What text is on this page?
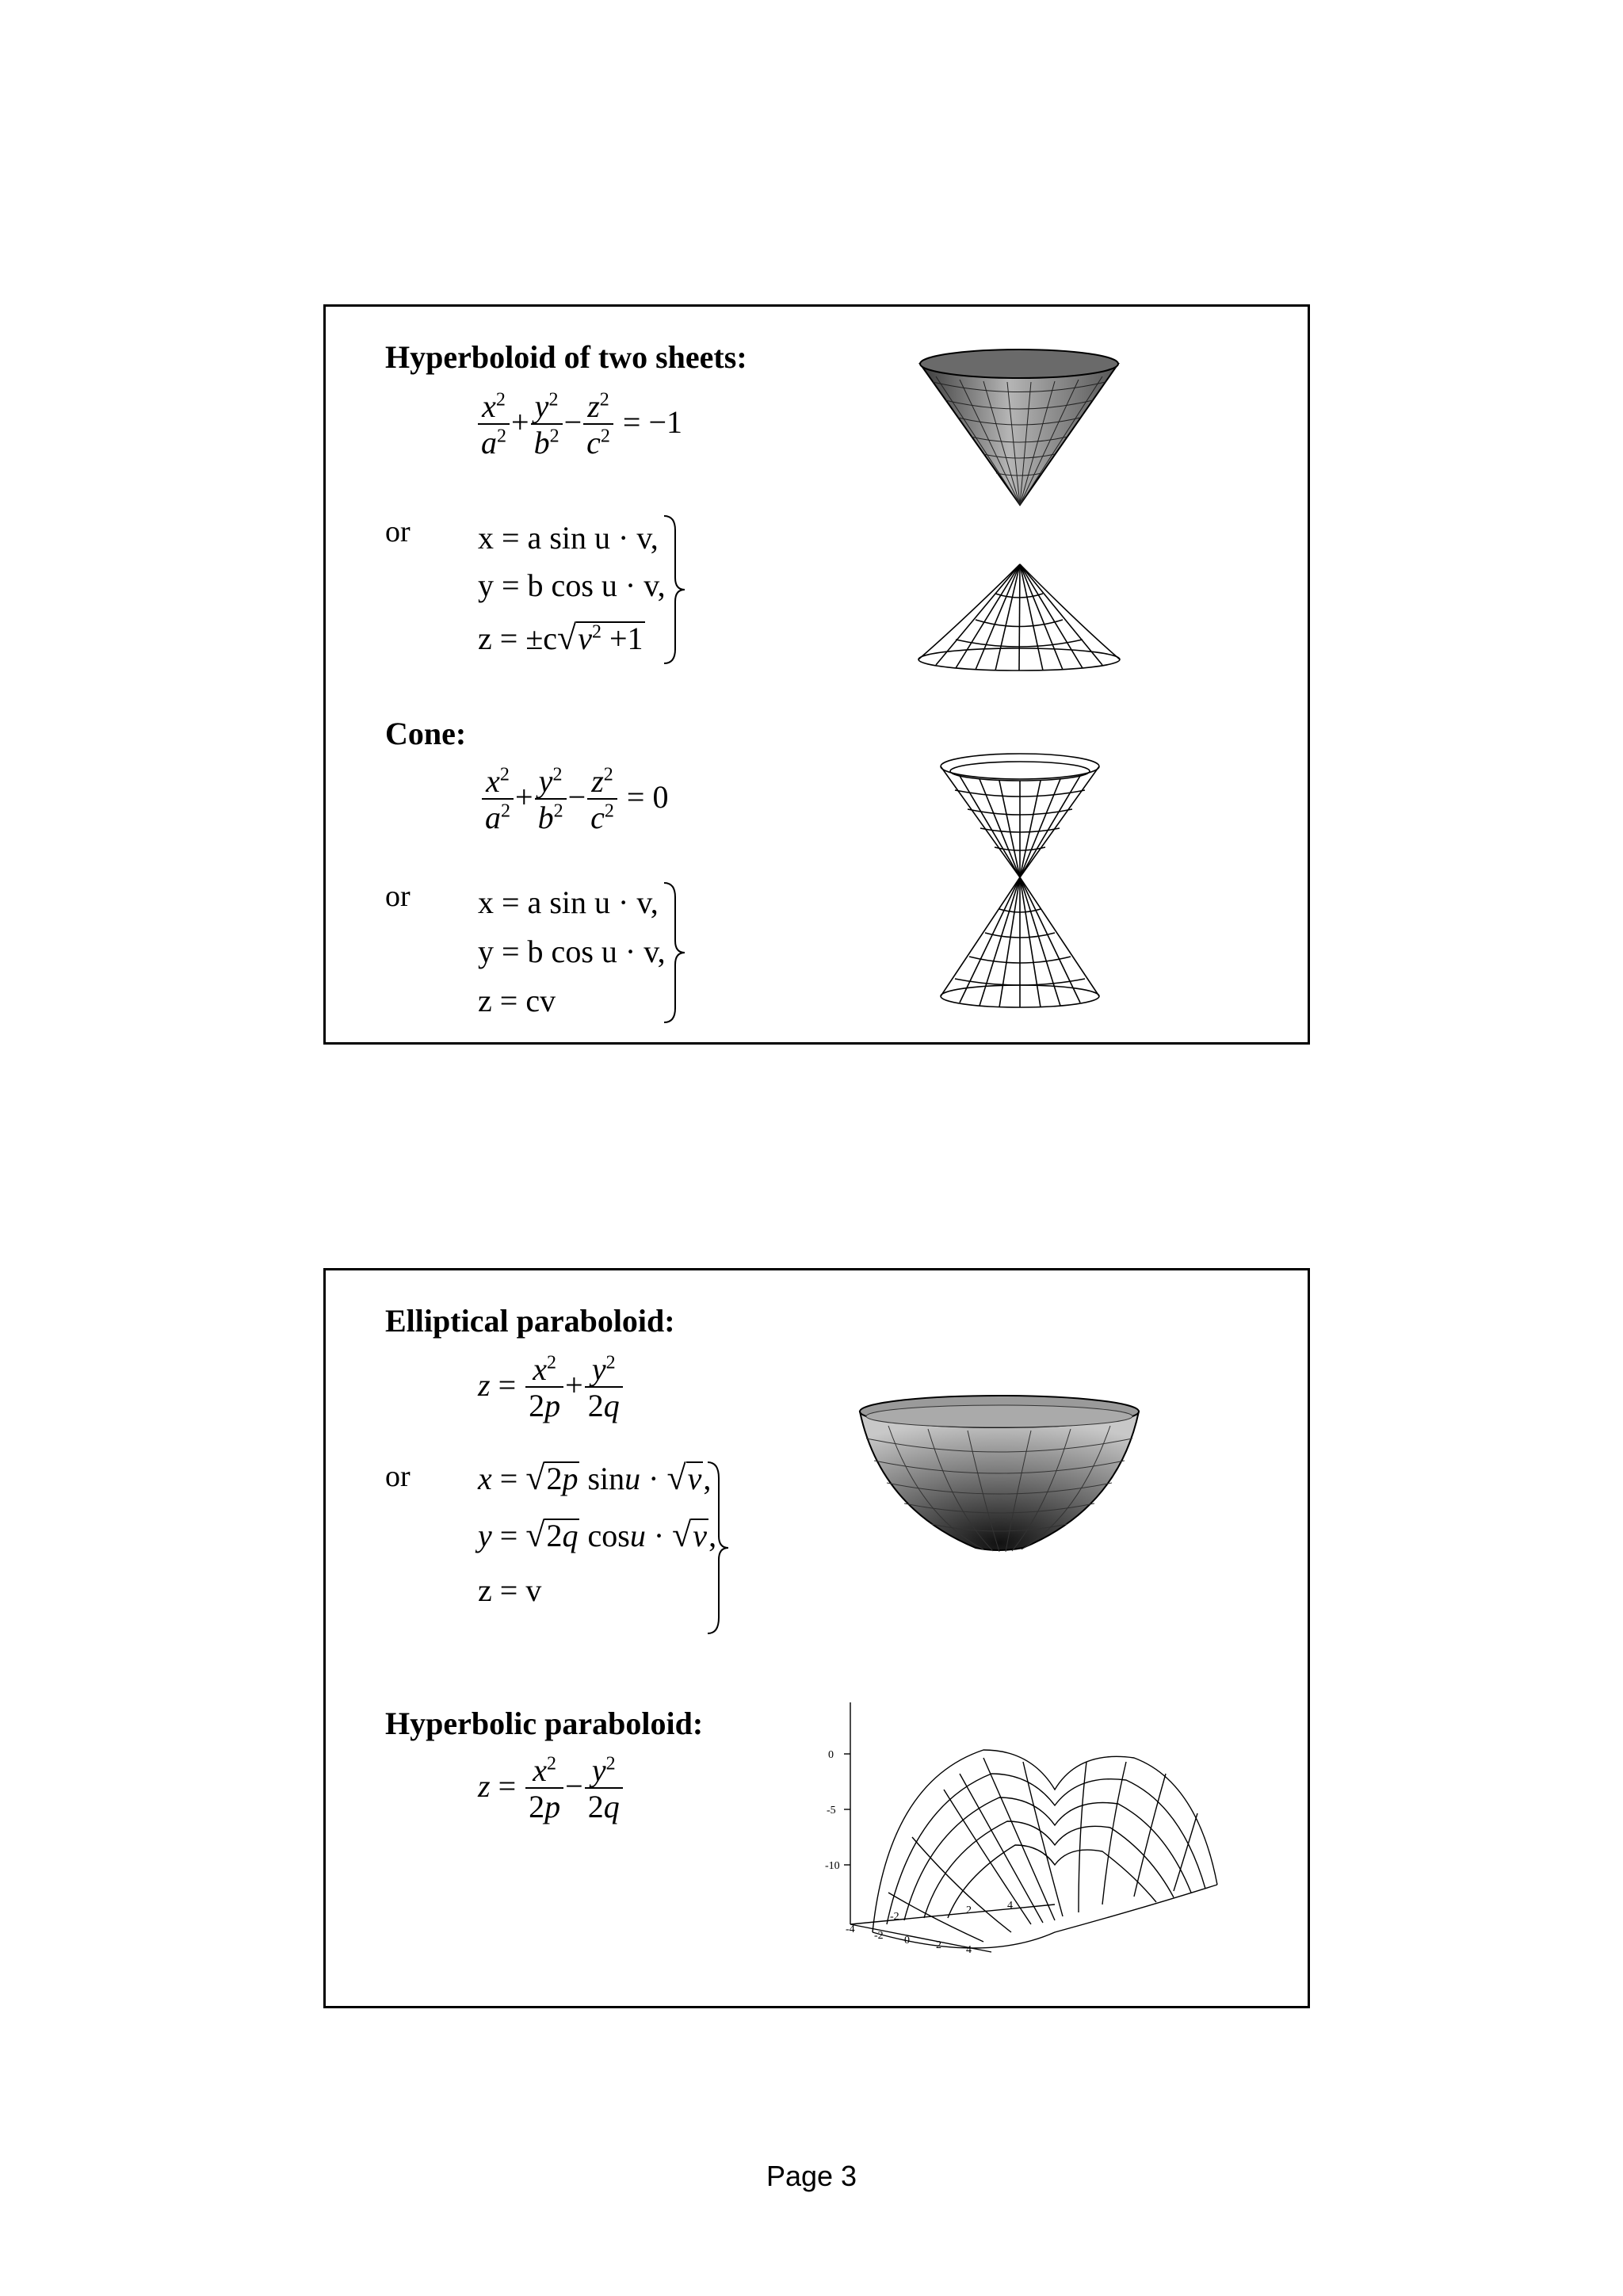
Hyperboloid of two sheets:
$\frac{x^2}{a^2} + \frac{y^2}{b^2} - \frac{z^2}{c^2} = -1$
or x = a sin u · v,
y = b cos u · v,
$z = \pm c√v^2 +1$
Cone:
$\frac{x^2}{a^2} + \frac{y^2}{b^2} - \frac{z^2}{c^2} = 0$
or x = a sin u · v,
y = b cos u · v,
z = cv
Elliptical paraboloid:
$z = \frac{x^2}{2p} + \frac{y^2}{2q}$
or x = √2p sinu · √v,
y = √2q cosu · √v,
z = v
Hyperbolic paraboloid:
$z = \frac{x^2}{2p} - \frac{y^2}{2q}$	0
-5
-10
-4
-2 0 2 4
-2
2	4
Page 3
